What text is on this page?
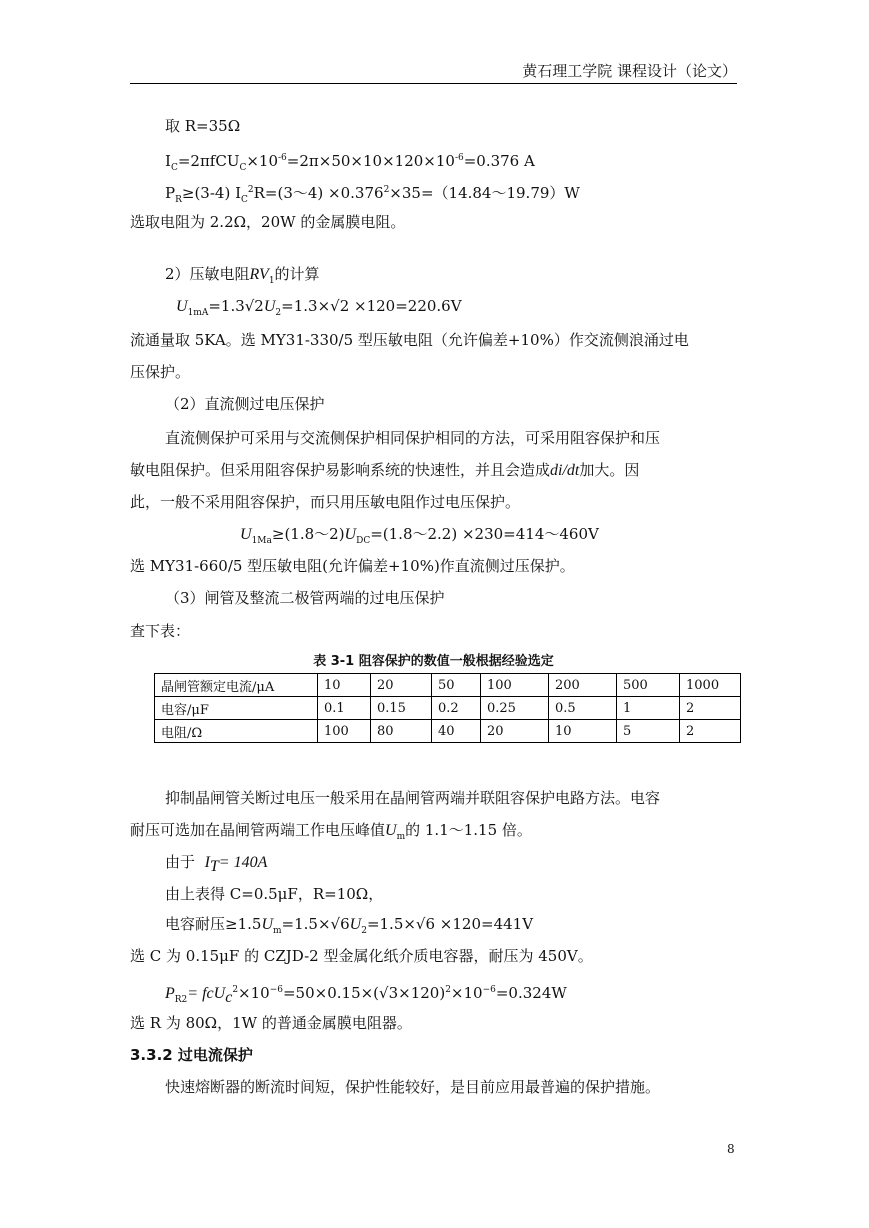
黄石理工学院 课程设计（论文）
取 R=35Ω
$I_C=2\pi fCU_C\times 10^{-6}=2\pi\times 50\times 10\times 120\times 10^{-6}=0.376$ A
$P_R\ge(3-4)$ $I_C^2R=(3\sim 4)$ $\times 0.376^2\times 35=(14.84\sim 19.79)W$
选取电阻为 2.2Ω，20W 的金属膜电阻。
2）压敏电阻$RV_1$的计算
$U_{1mA}=1.3√2U_2=1.3\times√2 \times 120=220.6V$
流通量取 5KA。选 MY31-330/5 型压敏电阻（允许偏差+10%）作交流侧浪涌过电
压保护。
（2）直流侧过电压保护
直流侧保护可采用与交流侧保护相同保护相同的方法，可采用阻容保护和压
敏电阻保护。但采用阻容保护易影响系统的快速性，并且会造成di/dt加大。因
此，一般不采用阻容保护，而只用压敏电阻作过电压保护。
$U_{1Ma}\ge(1.8\sim 2)U_{DC}=(1.8\sim 2.2)$ ×230=414～460V
选 MY31-660/5 型压敏电阻(允许偏差+10%)作直流侧过压保护。
（3）闸管及整流二极管两端的过电压保护
查下表：
表 3-1 阻容保护的数值一般根据经验选定
晶闸管额定电流/μA	10	20	50	100	200	500	1000
电容/μF	0.1	0.15	0.2	0.25	0.5	1	2
电阻/Ω	100	80	40	20	10	5	2
抑制晶闸管关断过电压一般采用在晶闸管两端并联阻容保护电路方法。电容
耐压可选加在晶闸管两端工作电压峰值$U_m$的 1.1～1.15 倍。
由于 $I_T= 140A$
由上表得 C=0.5μF，R=10Ω，
电容耐压$\ge 1.5U_m=1.5\times√6U_2=1.5\times√6 \times 120=441V$
选 C 为 0.15μF 的 CZJD-2 型金属化纸介质电容器，耐压为 450V。
$P_{R2}= fcU_c^2\times 10^{-6}=50\times 0.15\times(√3\times 120)^2\times 10^{-6}=0.324W$
选 R 为 80Ω，1W 的普通金属膜电阻器。
3.3.2 过电流保护
快速熔断器的断流时间短，保护性能较好，是目前应用最普遍的保护措施。
8
